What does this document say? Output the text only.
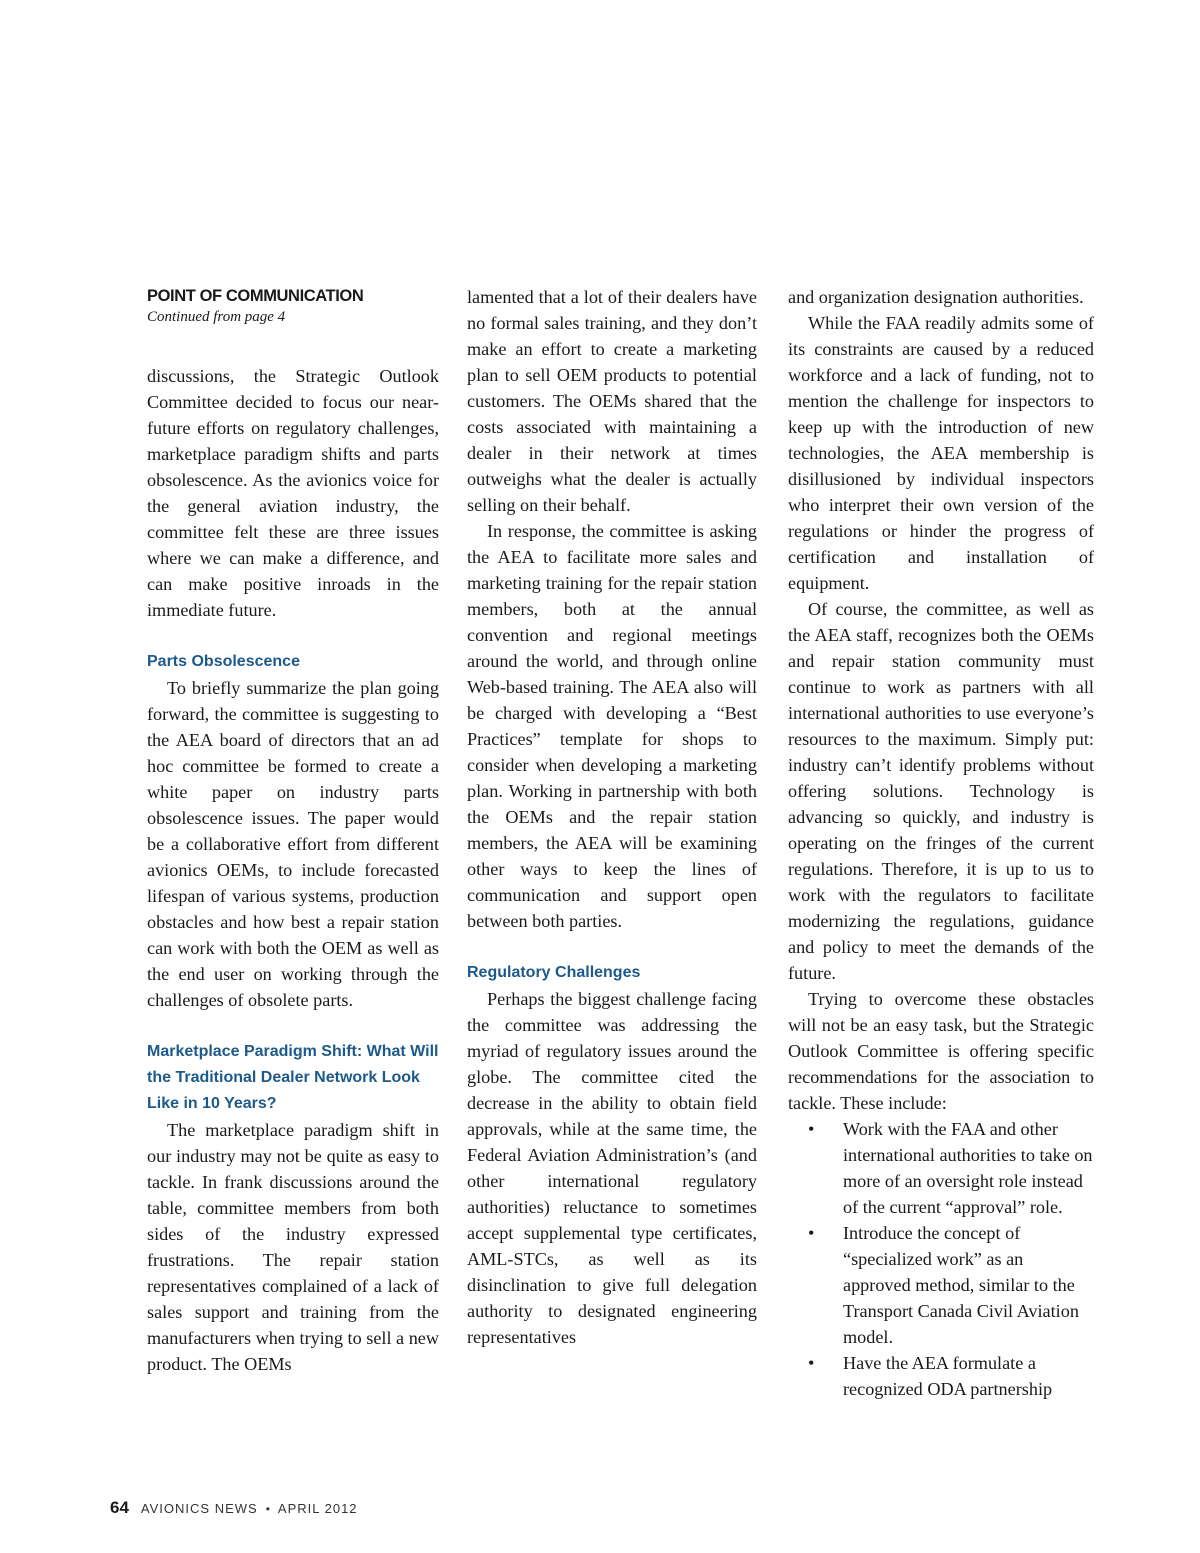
POINT OF COMMUNICATION

Continued from page 4

discussions, the Strategic Outlook Committee decided to focus our near-future efforts on regulatory challenges, marketplace paradigm shifts and parts obsolescence. As the avionics voice for the general aviation industry, the committee felt these are three issues where we can make a difference, and can make positive inroads in the immediate future.

Parts Obsolescence

To briefly summarize the plan going forward, the committee is suggesting to the AEA board of directors that an ad hoc committee be formed to create a white paper on industry parts obsolescence issues. The paper would be a collaborative effort from different avionics OEMs, to include forecasted lifespan of various systems, production obstacles and how best a repair station can work with both the OEM as well as the end user on working through the challenges of obsolete parts.

Marketplace Paradigm Shift: What Will the Traditional Dealer Network Look Like in 10 Years?

The marketplace paradigm shift in our industry may not be quite as easy to tackle. In frank discussions around the table, committee members from both sides of the industry expressed frustrations. The repair station representatives complained of a lack of sales support and training from the manufacturers when trying to sell a new product. The OEMs

lamented that a lot of their dealers have no formal sales training, and they don’t make an effort to create a marketing plan to sell OEM products to potential customers. The OEMs shared that the costs associated with maintaining a dealer in their network at times outweighs what the dealer is actually selling on their behalf.

In response, the committee is asking the AEA to facilitate more sales and marketing training for the repair station members, both at the annual convention and regional meetings around the world, and through online Web-based training. The AEA also will be charged with developing a “Best Practices” template for shops to consider when developing a marketing plan. Working in partnership with both the OEMs and the repair station members, the AEA will be examining other ways to keep the lines of communication and support open between both parties.

Regulatory Challenges

Perhaps the biggest challenge facing the committee was addressing the myriad of regulatory issues around the globe. The committee cited the decrease in the ability to obtain field approvals, while at the same time, the Federal Aviation Administration’s (and other international regulatory authorities) reluctance to sometimes accept supplemental type certificates, AML-STCs, as well as its disinclination to give full delegation authority to designated engineering representatives

and organization designation authorities.

While the FAA readily admits some of its constraints are caused by a reduced workforce and a lack of funding, not to mention the challenge for inspectors to keep up with the introduction of new technologies, the AEA membership is disillusioned by individual inspectors who interpret their own version of the regulations or hinder the progress of certification and installation of equipment.

Of course, the committee, as well as the AEA staff, recognizes both the OEMs and repair station community must continue to work as partners with all international authorities to use everyone’s resources to the maximum. Simply put: industry can’t identify problems without offering solutions. Technology is advancing so quickly, and industry is operating on the fringes of the current regulations. Therefore, it is up to us to work with the regulators to facilitate modernizing the regulations, guidance and policy to meet the demands of the future.

Trying to overcome these obstacles will not be an easy task, but the Strategic Outlook Committee is offering specific recommendations for the association to tackle. These include:

• Work with the FAA and other international authorities to take on more of an oversight role instead of the current “approval” role.
• Introduce the concept of “specialized work” as an approved method, similar to the Transport Canada Civil Aviation model.
• Have the AEA formulate a recognized ODA partnership
64 AVIONICS NEWS • APRIL 2012
